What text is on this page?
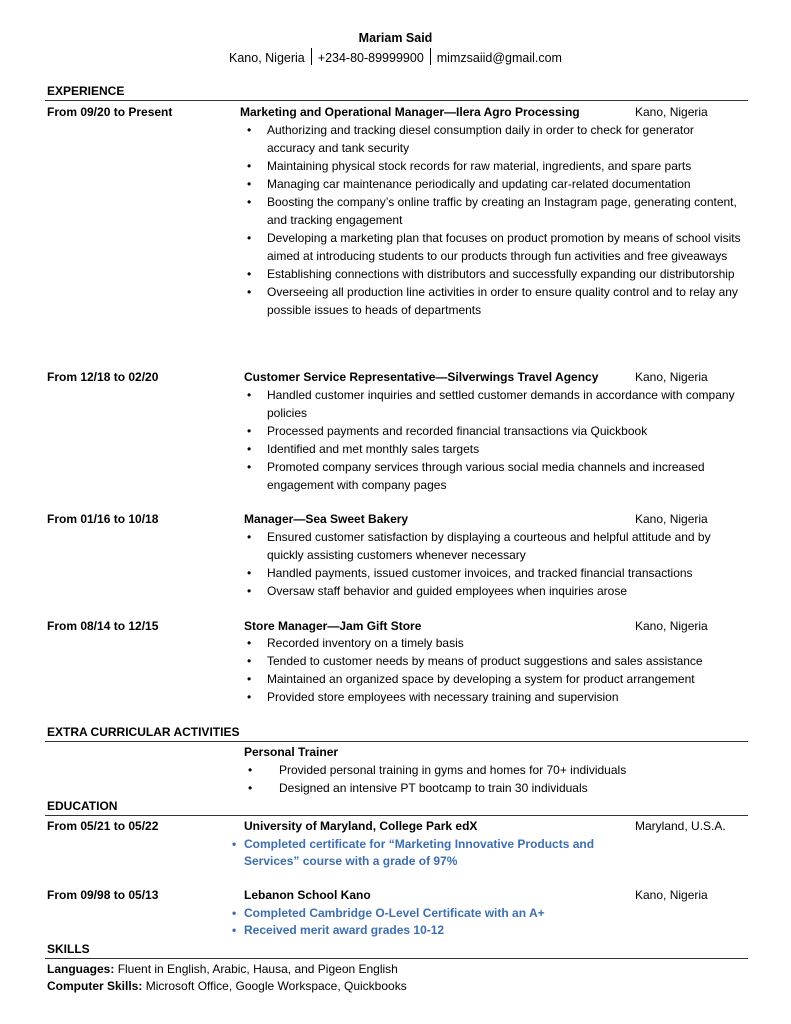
Mariam Said
Kano, Nigeria +234-80-89999900 mimzsaiid@gmail.com
EXPERIENCE
From 09/20 to Present	Marketing and Operational Manager—Ilera Agro Processing	Kano, Nigeria
• Authorizing and tracking diesel consumption daily in order to check for generator accuracy and tank security
• Maintaining physical stock records for raw material, ingredients, and spare parts
• Managing car maintenance periodically and updating car-related documentation
• Boosting the company’s online traffic by creating an Instagram page, generating content, and tracking engagement
• Developing a marketing plan that focuses on product promotion by means of school visits aimed at introducing students to our products through fun activities and free giveaways
• Establishing connections with distributors and successfully expanding our distributorship
• Overseeing all production line activities in order to ensure quality control and to relay any possible issues to heads of departments
From 12/18 to 02/20	Customer Service Representative—Silverwings Travel Agency	Kano, Nigeria
• Handled customer inquiries and settled customer demands in accordance with company policies
• Processed payments and recorded financial transactions via Quickbook
• Identified and met monthly sales targets
• Promoted company services through various social media channels and increased engagement with company pages
From 01/16 to 10/18	Manager—Sea Sweet Bakery	Kano, Nigeria
• Ensured customer satisfaction by displaying a courteous and helpful attitude and by quickly assisting customers whenever necessary
• Handled payments, issued customer invoices, and tracked financial transactions
• Oversaw staff behavior and guided employees when inquiries arose
From 08/14 to 12/15	Store Manager—Jam Gift Store	Kano, Nigeria
• Recorded inventory on a timely basis
• Tended to customer needs by means of product suggestions and sales assistance
• Maintained an organized space by developing a system for product arrangement
• Provided store employees with necessary training and supervision
EXTRA CURRICULAR ACTIVITIES
Personal Trainer
• Provided personal training in gyms and homes for 70+ individuals
• Designed an intensive PT bootcamp to train 30 individuals
EDUCATION
From 05/21 to 05/22	University of Maryland, College Park edX	Maryland, U.S.A.
• Completed certificate for “Marketing Innovative Products and Services” course with a grade of 97%
From 09/98 to 05/13	Lebanon School Kano	Kano, Nigeria
• Completed Cambridge O-Level Certificate with an A+
• Received merit award grades 10-12
SKILLS
Languages: Fluent in English, Arabic, Hausa, and Pigeon English
Computer Skills: Microsoft Office, Google Workspace, Quickbooks
